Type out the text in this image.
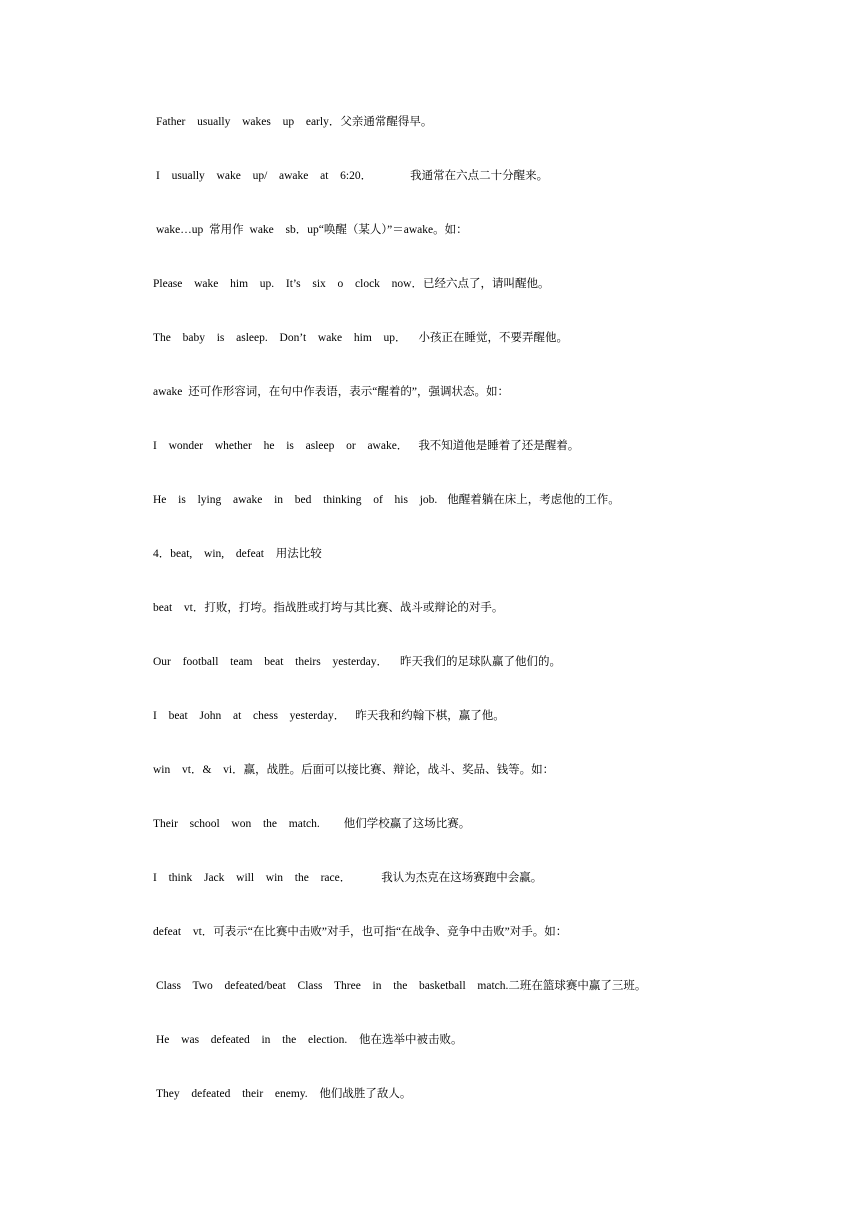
Father  usually  wakes  up  early．父亲通常醒得早。
I  usually  wake  up/  awake  at  6:20．	我通常在六点二十分醒来。
wake…up 常用作 wake  sb．up“唤醒（某人）”＝awake。如：
Please  wake  him  up.  It’s  six  o  clock  now．已经六点了，请叫醒他。
The  baby  is  asleep.  Don’t  wake  him  up． 小孩正在睡觉，不要弄醒他。
awake 还可作形容词，在句中作表语，表示“醒着的”，强调状态。如：
I  wonder  whether  he  is  asleep  or  awake． 我不知道他是睡着了还是醒着。
He  is  lying  awake  in  bed  thinking  of  his  job. 他醒着躺在床上，考虑他的工作。
4．beat,  win,  defeat  用法比较
beat  vt．打败，打垮。指战胜或打垮与其比赛、战斗或辩论的对手。
Our  football  team  beat  theirs  yesterday． 昨天我们的足球队赢了他们的。
I  beat  John  at  chess  yesterday． 昨天我和约翰下棋，赢了他。
win  vt．&  vi．赢，战胜。后面可以接比赛、辩论，战斗、奖品、钱等。如：
Their  school  won  the  match. 他们学校赢了这场比赛。
I  think  Jack  will  win  the  race．	我认为杰克在这场赛跑中会赢。
defeat  vt．可表示“在比赛中击败”对手，也可指“在战争、竞争中击败”对手。如：
Class  Two  defeated/beat  Class  Three  in  the  basketball  match.二班在篮球赛中赢了三班。
He  was  defeated  in  the  election.  他在选举中被击败。
They  defeated  their  enemy.  他们战胜了敌人。
